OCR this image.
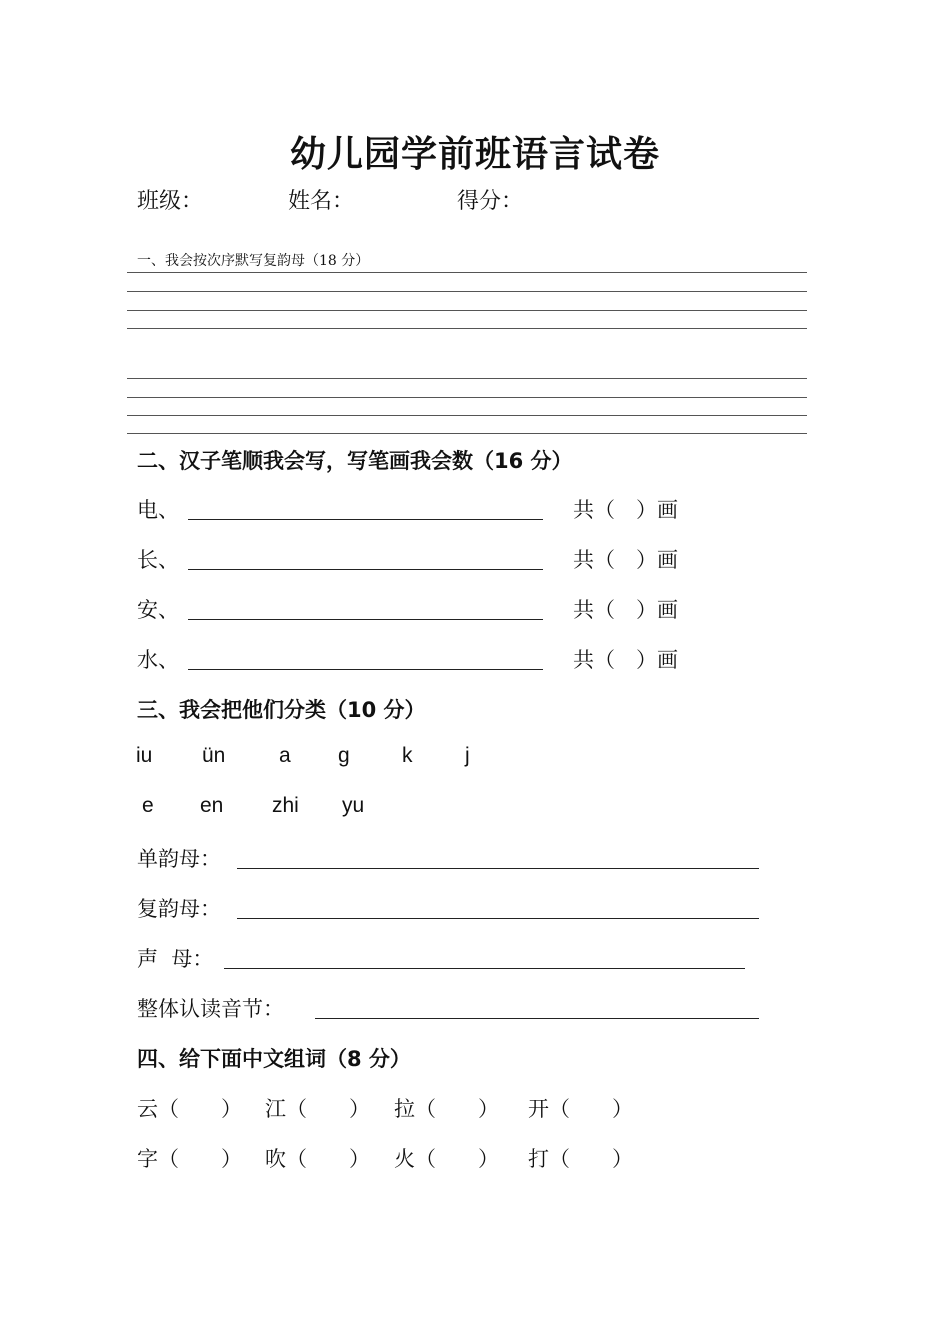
幼儿园学前班语言试卷
班级：	姓名：	得分：
一、我会按次序默写复韵母（18 分）
二、汉子笔顺我会写，写笔画我会数（16 分）
电、	共（　）画
长、	共（　）画
安、	共（　）画
水、	共（　）画
三、我会把他们分类（10 分）
iu ün	a g k	j
e en zhi yu
单韵母：
复韵母：
声  母：
整体认读音节：
四、给下面中文组词（8 分）
云（　　） 江（　　） 拉（　　） 开（　　）
字（　　） 吹（　　） 火（　　） 打（　　）
